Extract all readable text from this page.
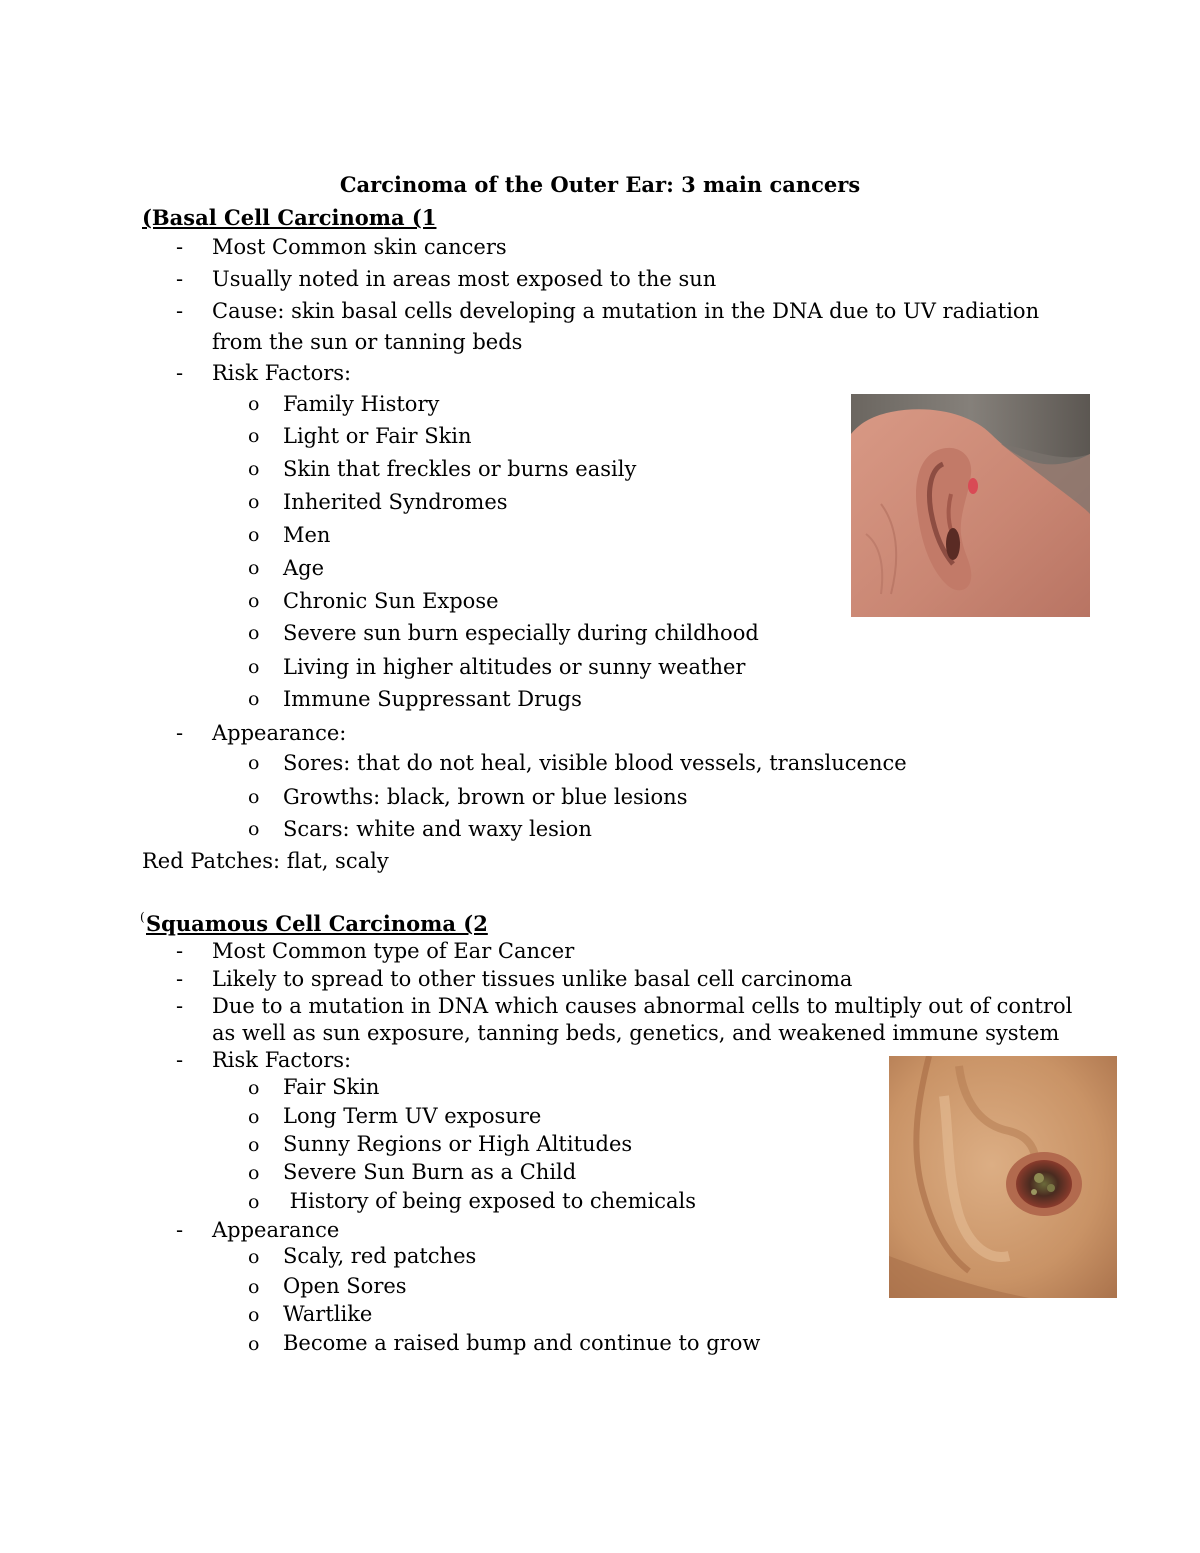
Carcinoma of the Outer Ear: 3 main cancers
(Basal Cell Carcinoma (1
- Most Common skin cancers
- Usually noted in areas most exposed to the sun
- Cause: skin basal cells developing a mutation in the DNA due to UV radiation
from the sun or tanning beds
- Risk Factors:
o Family History
o Light or Fair Skin
o Skin that freckles or burns easily
o Inherited Syndromes
o Men
o Age
o Chronic Sun Expose
o Severe sun burn especially during childhood
o Living in higher altitudes or sunny weather
o Immune Suppressant Drugs
- Appearance:
o Sores: that do not heal, visible blood vessels, translucence
o Growths: black, brown or blue lesions
o Scars: white and waxy lesion
Red Patches: flat, scaly
( Squamous Cell Carcinoma (2
- Most Common type of Ear Cancer
- Likely to spread to other tissues unlike basal cell carcinoma
- Due to a mutation in DNA which causes abnormal cells to multiply out of control
as well as sun exposure, tanning beds, genetics, and weakened immune system
- Risk Factors:
o Fair Skin
o Long Term UV exposure
o Sunny Regions or High Altitudes
o Severe Sun Burn as a Child
o History of being exposed to chemicals
- Appearance
o Scaly, red patches
o Open Sores
o Wartlike
o Become a raised bump and continue to grow
